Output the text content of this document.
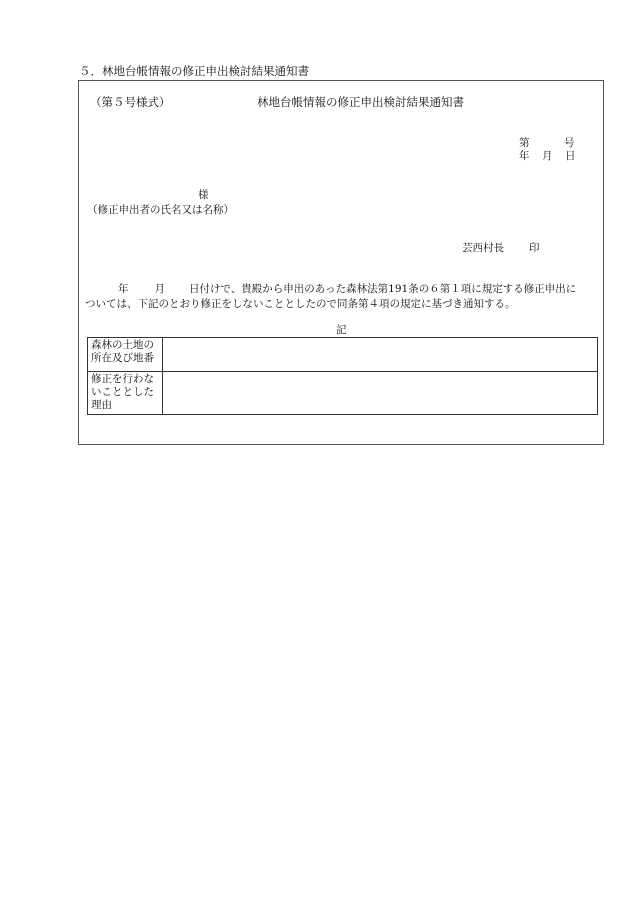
５．林地台帳情報の修正申出検討結果通知書
（第５号様式）	林地台帳情報の修正申出検討結果通知書
第	号
年 月 日
様
（修正申出者の氏名又は名称）
芸西村長 印
年 月 日付けで、貴殿から申出のあった森林法第191条の６第１項に規定する修正申出に
ついては、下記のとおり修正をしないこととしたので同条第４項の規定に基づき通知する。
記
森林の土地の所在及び地番	
修正を行わないこととした理由	
